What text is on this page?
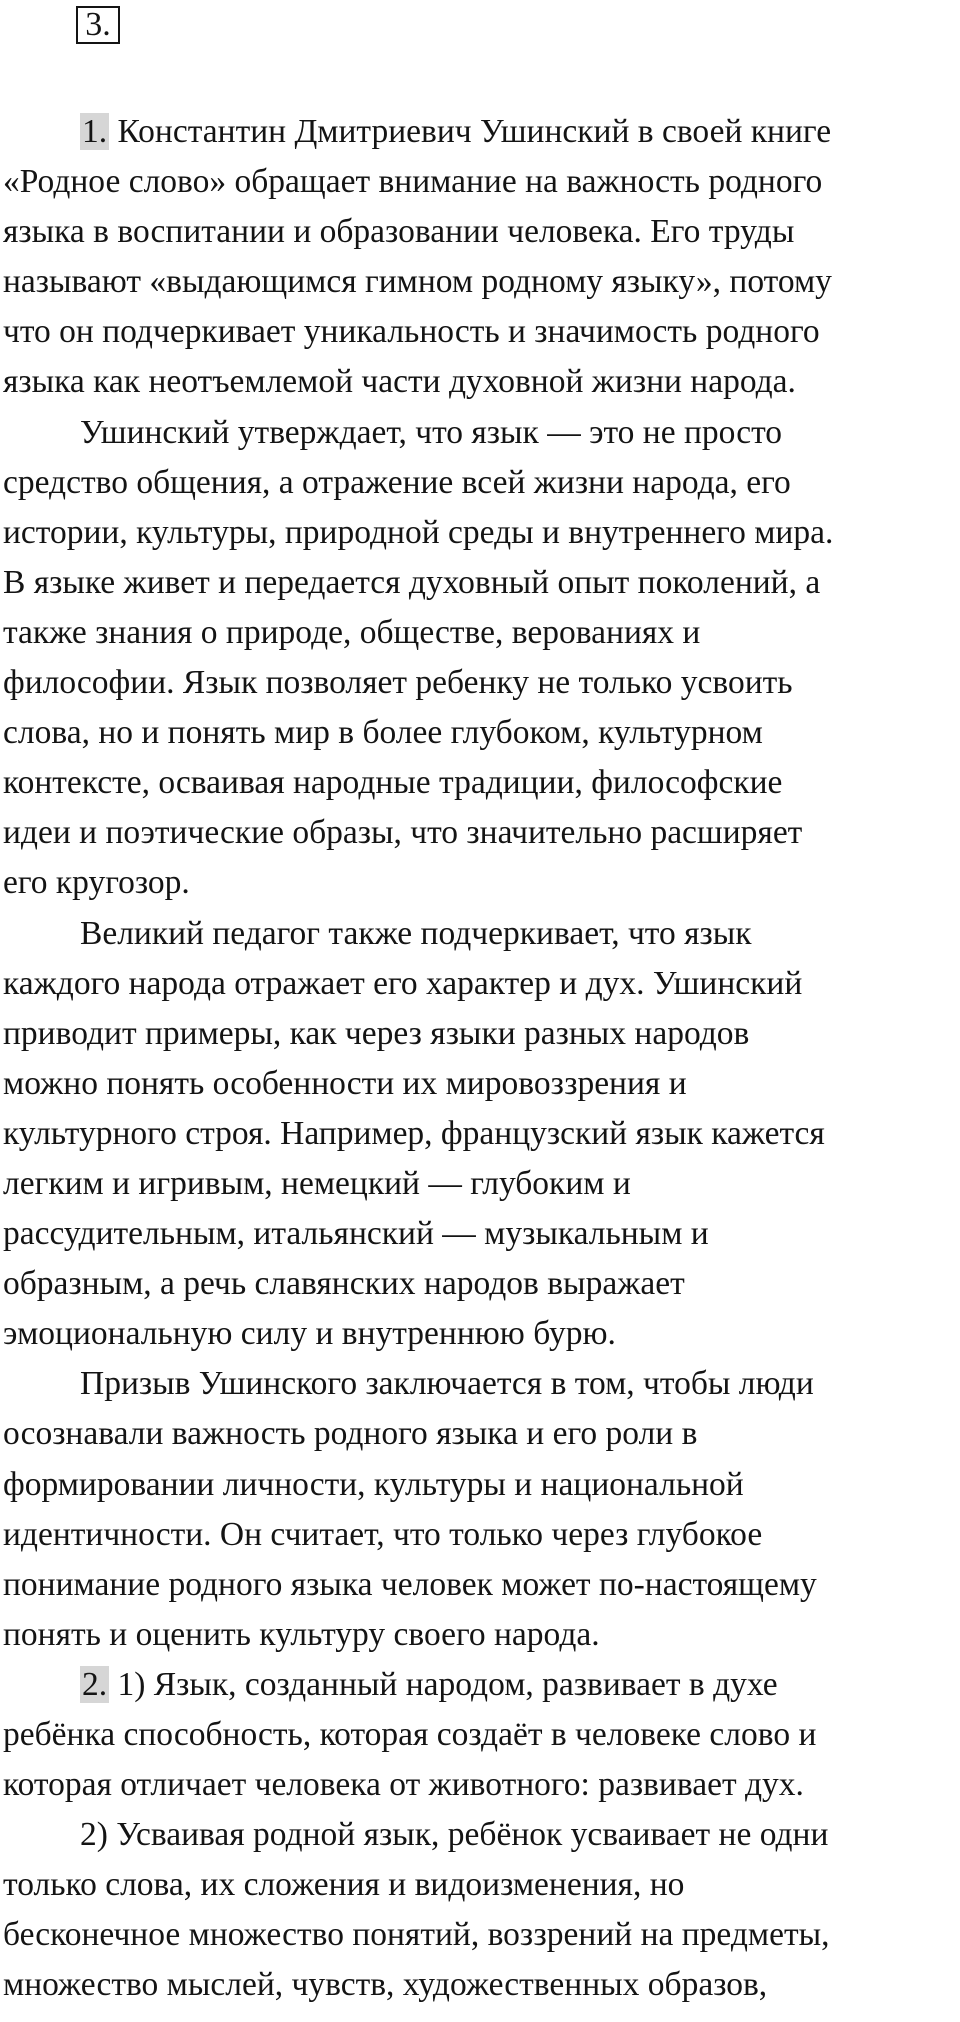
3.

1. Константин Дмитриевич Ушинский в своей книге
«Родное слово» обращает внимание на важность родного
языка в воспитании и образовании человека. Его труды
называют «выдающимся гимном родному языку», потому
что он подчеркивает уникальность и значимость родного
языка как неотъемлемой части духовной жизни народа.

Ушинский утверждает, что язык — это не просто
средство общения, а отражение всей жизни народа, его
истории, культуры, природной среды и внутреннего мира.
В языке живет и передается духовный опыт поколений, а
также знания о природе, обществе, верованиях и
философии. Язык позволяет ребенку не только усвоить
слова, но и понять мир в более глубоком, культурном
контексте, осваивая народные традиции, философские
идеи и поэтические образы, что значительно расширяет
его кругозор.

Великий педагог также подчеркивает, что язык
каждого народа отражает его характер и дух. Ушинский
приводит примеры, как через языки разных народов
можно понять особенности их мировоззрения и
культурного строя. Например, французский язык кажется
легким и игривым, немецкий — глубоким и
рассудительным, итальянский — музыкальным и
образным, а речь славянских народов выражает
эмоциональную силу и внутреннюю бурю.

Призыв Ушинского заключается в том, чтобы люди
осознавали важность родного языка и его роли в
формировании личности, культуры и национальной
идентичности. Он считает, что только через глубокое
понимание родного языка человек может по-настоящему
понять и оценить культуру своего народа.

2. 1) Язык, созданный народом, развивает в духе
ребёнка способность, которая создаёт в человеке слово и
которая отличает человека от животного: развивает дух.

2) Усваивая родной язык, ребёнок усваивает не одни
только слова, их сложения и видоизменения, но
бесконечное множество понятий, воззрений на предметы,
множество мыслей, чувств, художественных образов,
